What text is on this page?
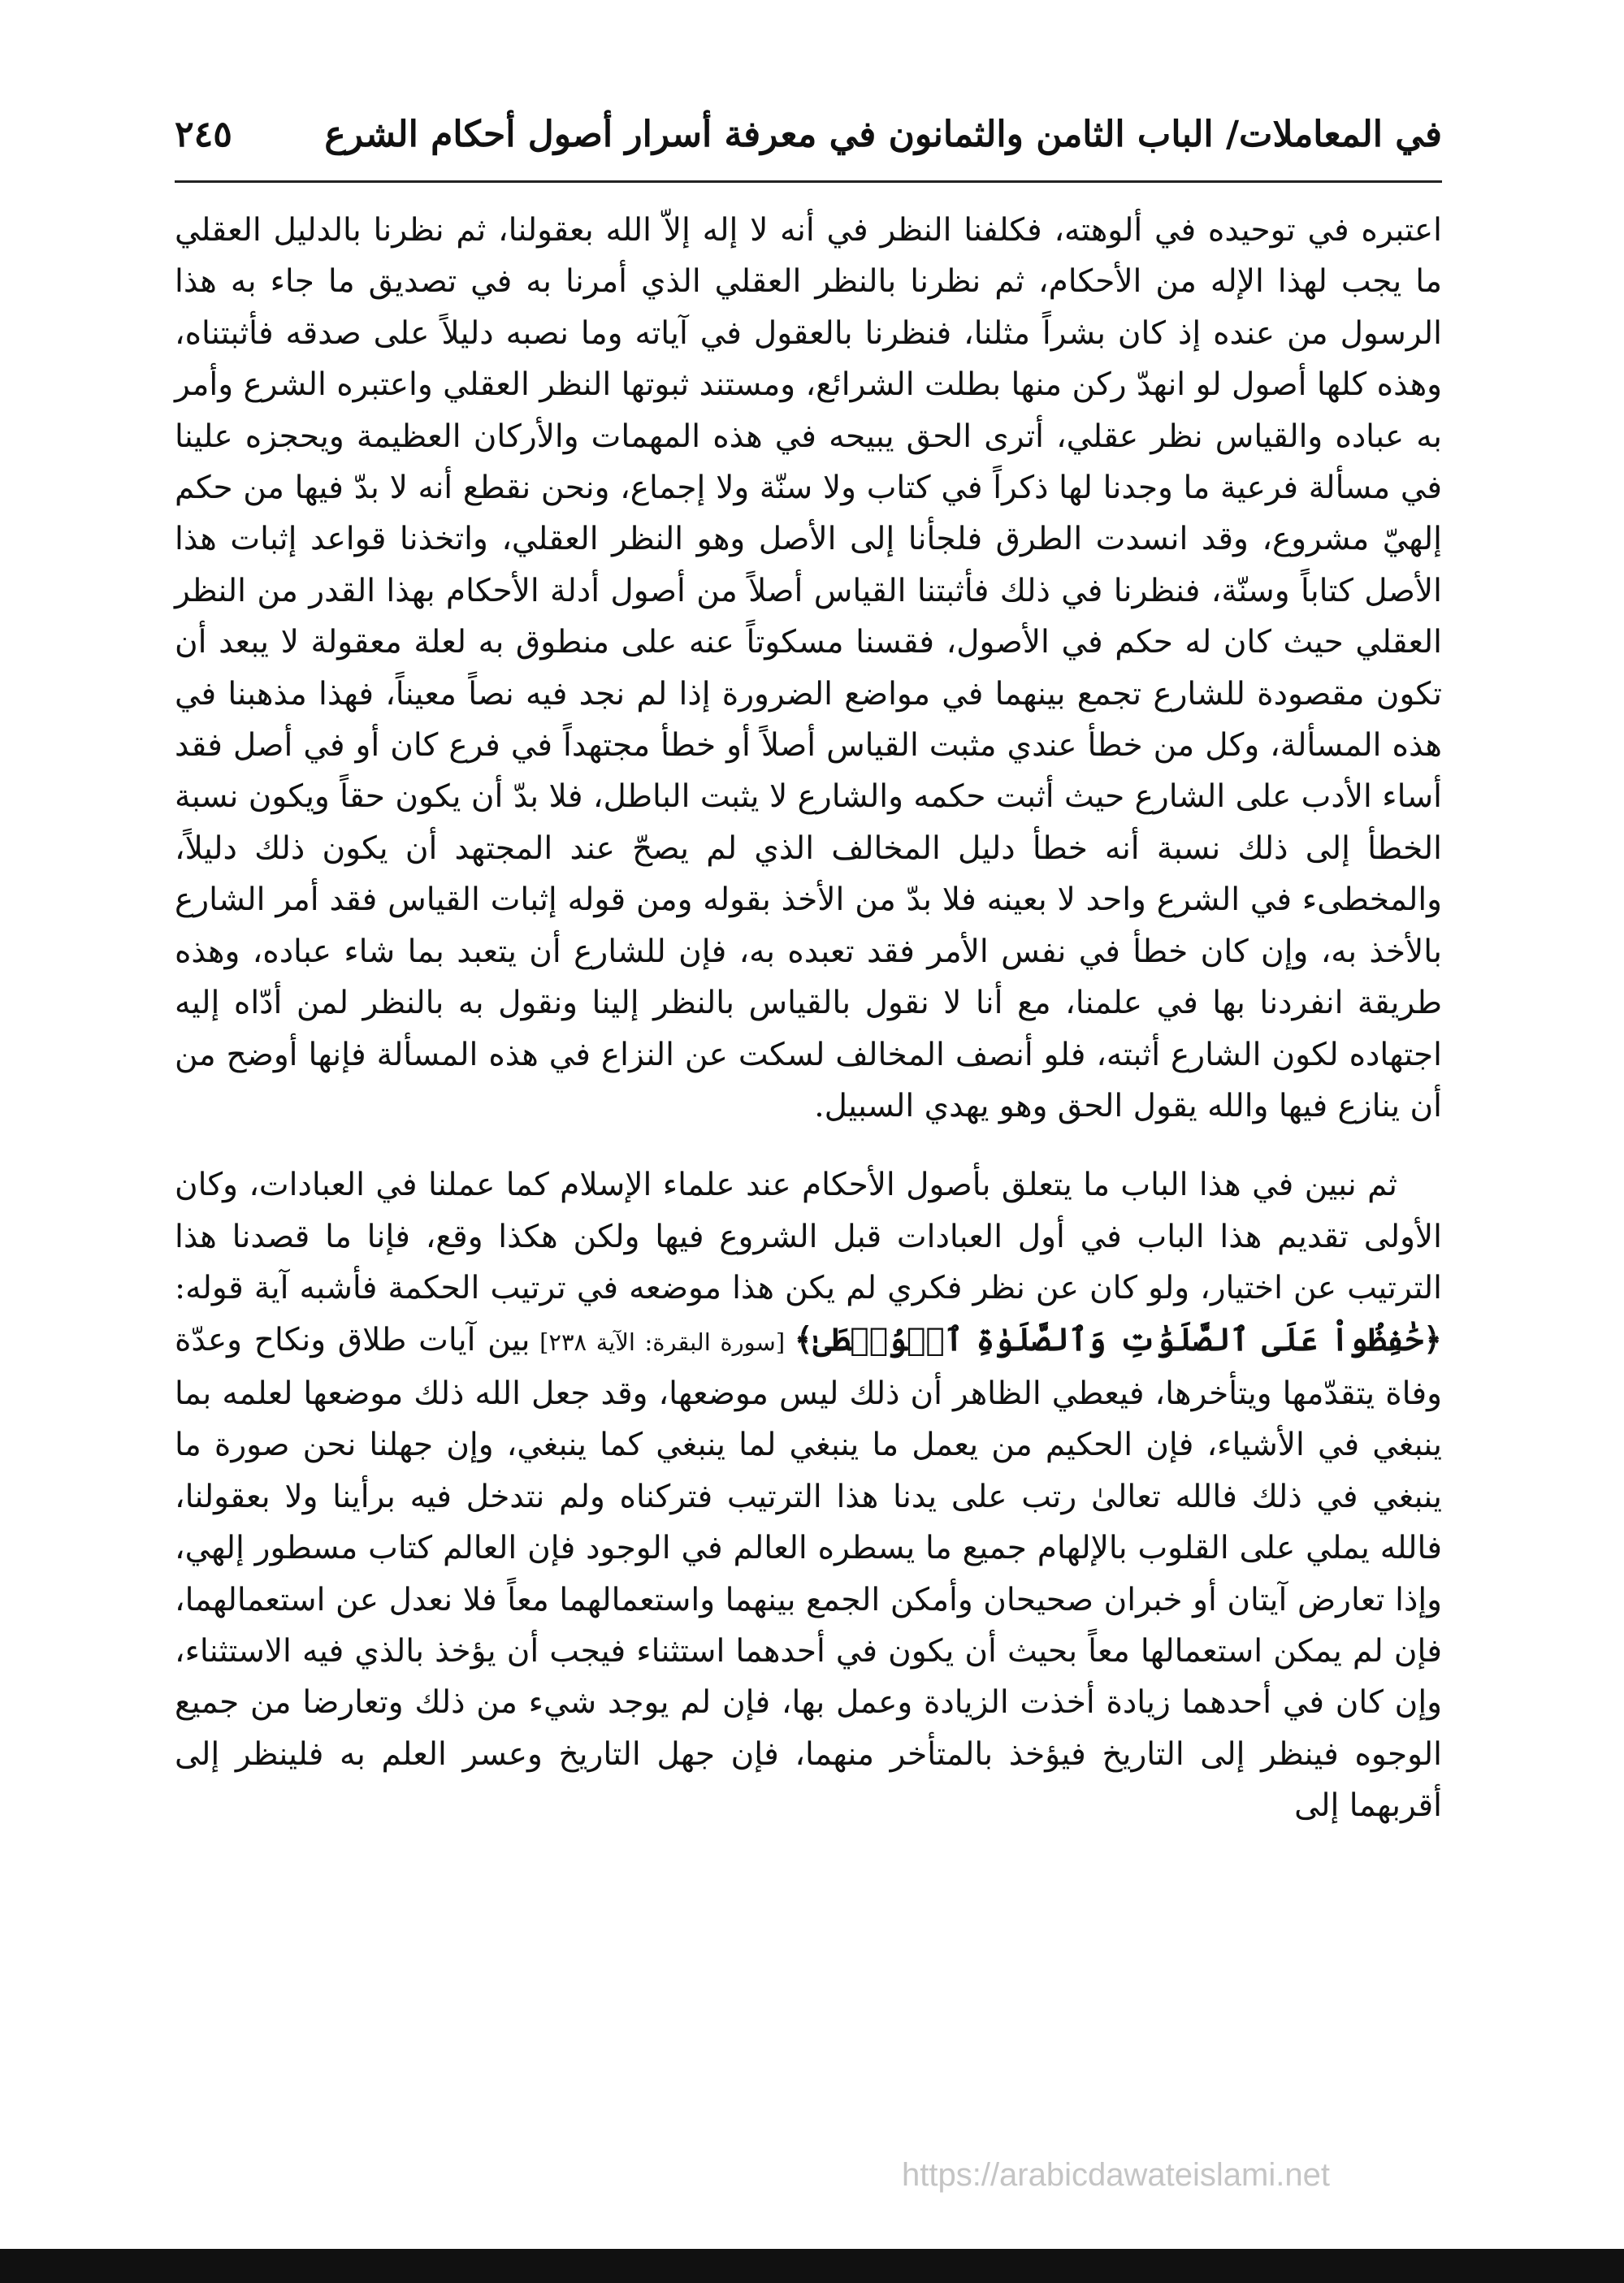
في المعاملات/ الباب الثامن والثمانون في معرفة أسرار أصول أحكام الشرع
٢٤٥

اعتبره في توحيده في ألوهته، فكلفنا النظر في أنه لا إله إلاّ الله بعقولنا، ثم نظرنا بالدليل العقلي ما يجب لهذا الإله من الأحكام، ثم نظرنا بالنظر العقلي الذي أمرنا به في تصديق ما جاء به هذا الرسول من عنده إذ كان بشراً مثلنا، فنظرنا بالعقول في آياته وما نصبه دليلاً على صدقه فأثبتناه، وهذه كلها أصول لو انهدّ ركن منها بطلت الشرائع، ومستند ثبوتها النظر العقلي واعتبره الشرع وأمر به عباده والقياس نظر عقلي، أترى الحق يبيحه في هذه المهمات والأركان العظيمة ويحجزه علينا في مسألة فرعية ما وجدنا لها ذكراً في كتاب ولا سنّة ولا إجماع، ونحن نقطع أنه لا بدّ فيها من حكم إلهيّ مشروع، وقد انسدت الطرق فلجأنا إلى الأصل وهو النظر العقلي، واتخذنا قواعد إثبات هذا الأصل كتاباً وسنّة، فنظرنا في ذلك فأثبتنا القياس أصلاً من أصول أدلة الأحكام بهذا القدر من النظر العقلي حيث كان له حكم في الأصول، فقسنا مسكوتاً عنه على منطوق به لعلة معقولة لا يبعد أن تكون مقصودة للشارع تجمع بينهما في مواضع الضرورة إذا لم نجد فيه نصاً معيناً، فهذا مذهبنا في هذه المسألة، وكل من خطأ عندي مثبت القياس أصلاً أو خطأ مجتهداً في فرع كان أو في أصل فقد أساء الأدب على الشارع حيث أثبت حكمه والشارع لا يثبت الباطل، فلا بدّ أن يكون حقاً ويكون نسبة الخطأ إلى ذلك نسبة أنه خطأ دليل المخالف الذي لم يصحّ عند المجتهد أن يكون ذلك دليلاً، والمخطىء في الشرع واحد لا بعينه فلا بدّ من الأخذ بقوله ومن قوله إثبات القياس فقد أمر الشارع بالأخذ به، وإن كان خطأ في نفس الأمر فقد تعبده به، فإن للشارع أن يتعبد بما شاء عباده، وهذه طريقة انفردنا بها في علمنا، مع أنا لا نقول بالقياس بالنظر إلينا ونقول به بالنظر لمن أدّاه إليه اجتهاده لكون الشارع أثبته، فلو أنصف المخالف لسكت عن النزاع في هذه المسألة فإنها أوضح من أن ينازع فيها والله يقول الحق وهو يهدي السبيل.

ثم نبين في هذا الباب ما يتعلق بأصول الأحكام عند علماء الإسلام كما عملنا في العبادات، وكان الأولى تقديم هذا الباب في أول العبادات قبل الشروع فيها ولكن هكذا وقع، فإنا ما قصدنا هذا الترتيب عن اختيار، ولو كان عن نظر فكري لم يكن هذا موضعه في ترتيب الحكمة فأشبه آية قوله: ﴿حَٰفِظُواْ عَلَى ٱلصَّلَوَٰتِ وَٱلصَّلَوٰةِ ٱلۡوُسۡطَىٰ﴾ [سورة البقرة: الآية ٢٣٨] بين آيات طلاق ونكاح وعدّة وفاة يتقدّمها ويتأخرها، فيعطي الظاهر أن ذلك ليس موضعها، وقد جعل الله ذلك موضعها لعلمه بما ينبغي في الأشياء، فإن الحكيم من يعمل ما ينبغي لما ينبغي كما ينبغي، وإن جهلنا نحن صورة ما ينبغي في ذلك فالله تعالىٰ رتب على يدنا هذا الترتيب فتركناه ولم نتدخل فيه برأينا ولا بعقولنا، فالله يملي على القلوب بالإلهام جميع ما يسطره العالم في الوجود فإن العالم كتاب مسطور إلهي، وإذا تعارض آيتان أو خبران صحيحان وأمكن الجمع بينهما واستعمالهما معاً فلا نعدل عن استعمالهما، فإن لم يمكن استعمالها معاً بحيث أن يكون في أحدهما استثناء فيجب أن يؤخذ بالذي فيه الاستثناء، وإن كان في أحدهما زيادة أخذت الزيادة وعمل بها، فإن لم يوجد شيء من ذلك وتعارضا من جميع الوجوه فينظر إلى التاريخ فيؤخذ بالمتأخر منهما، فإن جهل التاريخ وعسر العلم به فلينظر إلى أقربهما إلى

https://arabicdawateislami.net
